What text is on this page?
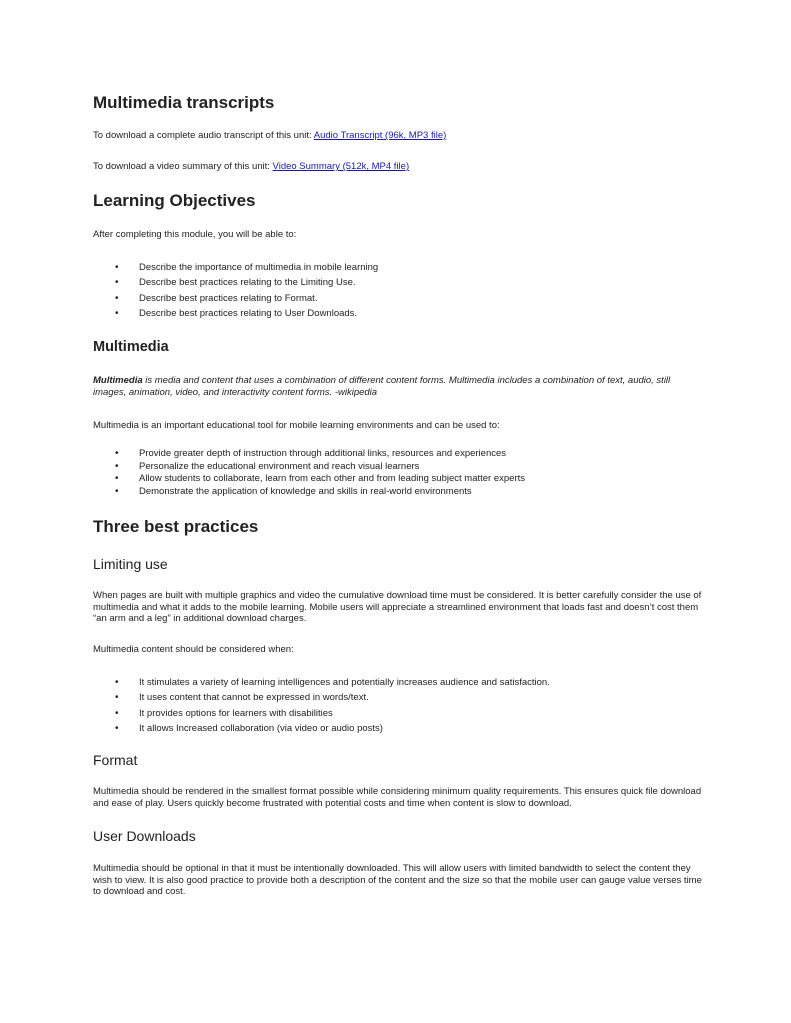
Multimedia transcripts

To download a complete audio transcript of this unit: Audio Transcript (96k, MP3 file)

To download a video summary of this unit: Video Summary (512k, MP4 file)

Learning Objectives

After completing this module, you will be able to:

• Describe the importance of multimedia in mobile learning
• Describe best practices relating to the Limiting Use.
• Describe best practices relating to Format.
• Describe best practices relating to User Downloads.
Multimedia

Multimedia is media and content that uses a combination of different content forms. Multimedia includes a combination of text, audio, still images, animation, video, and interactivity content forms. -wikipedia

Multimedia is an important educational tool for mobile learning environments and can be used to:

• Provide greater depth of instruction through additional links, resources and experiences
• Personalize the educational environment and reach visual learners
• Allow students to collaborate, learn from each other and from leading subject matter experts
• Demonstrate the application of knowledge and skills in real-world environments
Three best practices
Limiting use

When pages are built with multiple graphics and video the cumulative download time must be considered. It is better carefully consider the use of multimedia and what it adds to the mobile learning. Mobile users will appreciate a streamlined environment that loads fast and doesn’t cost them “an arm and a leg” in additional download charges.

Multimedia content should be considered when:

• It stimulates a variety of learning intelligences and potentially increases audience and satisfaction.
• It uses content that cannot be expressed in words/text.
• It provides options for learners with disabilities
• It allows Increased collaboration (via video or audio posts)
Format

Multimedia should be rendered in the smallest format possible while considering minimum quality requirements. This ensures quick file download and ease of play. Users quickly become frustrated with potential costs and time when content is slow to download.

User Downloads

Multimedia should be optional in that it must be intentionally downloaded. This will allow users with limited bandwidth to select the content they wish to view. It is also good practice to provide both a description of the content and the size so that the mobile user can gauge value verses time to download and cost.
